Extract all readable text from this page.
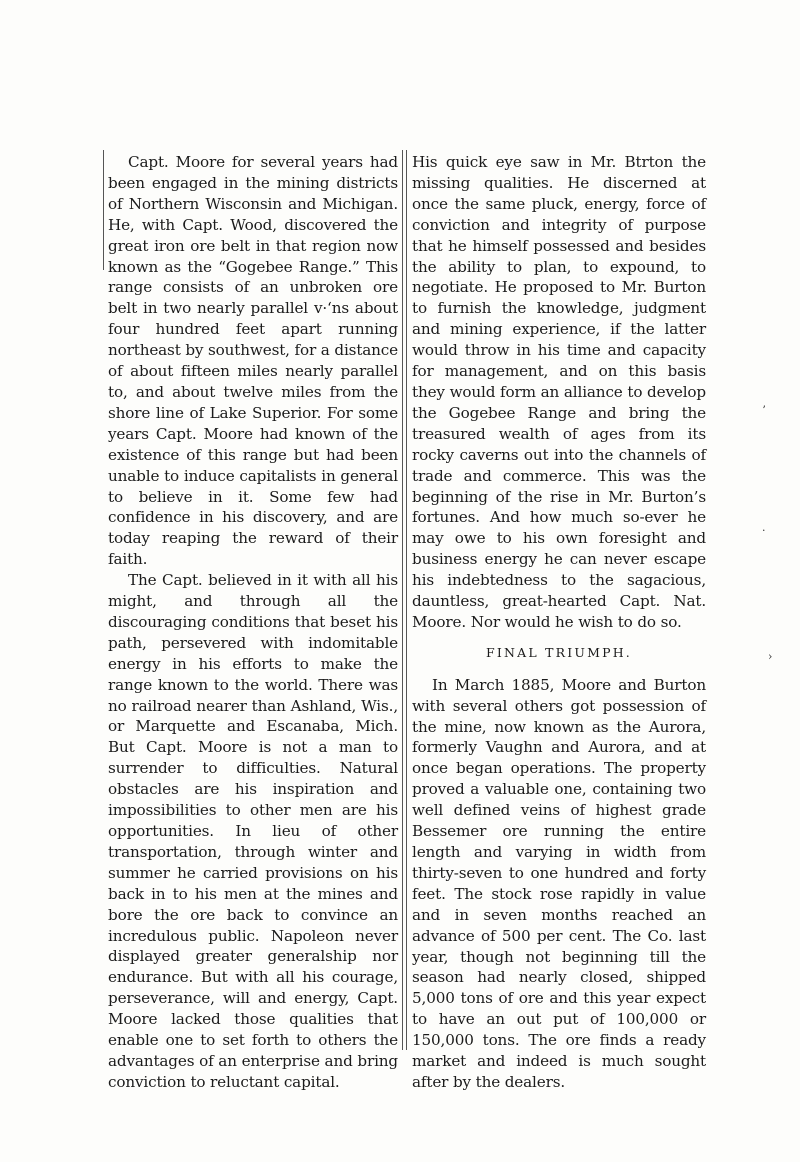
Capt. Moore for several years had been engaged in the mining districts of Northern Wisconsin and Michigan. He, with Capt. Wood, discovered the great iron ore belt in that region now known as the “Gogebee Range.” This range consists of an unbroken ore belt in two nearly parallel v·‘ns about four hundred feet apart running northeast by southwest, for a distance of about fifteen miles nearly parallel to, and about twelve miles from the shore line of Lake Superior. For some years Capt. Moore had known of the existence of this range but had been unable to induce capitalists in general to believe in it. Some few had confidence in his discovery, and are today reaping the reward of their faith.

The Capt. believed in it with all his might, and through all the discouraging conditions that beset his path, persevered with indomitable energy in his efforts to make the range known to the world. There was no railroad nearer than Ashland, Wis., or Marquette and Escanaba, Mich. But Capt. Moore is not a man to surrender to difficulties. Natural obstacles are his inspiration and impossibilities to other men are his opportunities. In lieu of other transportation, through winter and summer he carried provisions on his back in to his men at the mines and bore the ore back to convince an incredulous public. Napoleon never displayed greater generalship nor endurance. But with all his courage, perseverance, will and energy, Capt. Moore lacked those qualities that enable one to set forth to others the advantages of an enterprise and bring conviction to reluctant capital.

His quick eye saw in Mr. Btrton the missing qualities. He discerned at once the same pluck, energy, force of conviction and integrity of purpose that he himself possessed and besides the ability to plan, to expound, to negotiate. He proposed to Mr. Burton to furnish the knowledge, judgment and mining experience, if the latter would throw in his time and capacity for management, and on this basis they would form an alliance to develop the Gogebee Range and bring the treasured wealth of ages from its rocky caverns out into the channels of trade and commerce. This was the beginning of the rise in Mr. Burton’s fortunes. And how much so-ever he may owe to his own foresight and business energy he can never escape his indebtedness to the sagacious, dauntless, great-hearted Capt. Nat. Moore. Nor would he wish to do so.

FINAL TRIUMPH.

In March 1885, Moore and Burton with several others got possession of the mine, now known as the Aurora, formerly Vaughn and Aurora, and at once began operations. The property proved a valuable one, containing two well defined veins of highest grade Bessemer ore running the entire length and varying in width from thirty-seven to one hundred and forty feet. The stock rose rapidly in value and in seven months reached an advance of 500 per cent. The Co. last year, though not beginning till the season had nearly closed, shipped 5,000 tons of ore and this year expect to have an out put of 100,000 or 150,000 tons. The ore finds a ready market and indeed is much sought after by the dealers.

ʼ
·
›
